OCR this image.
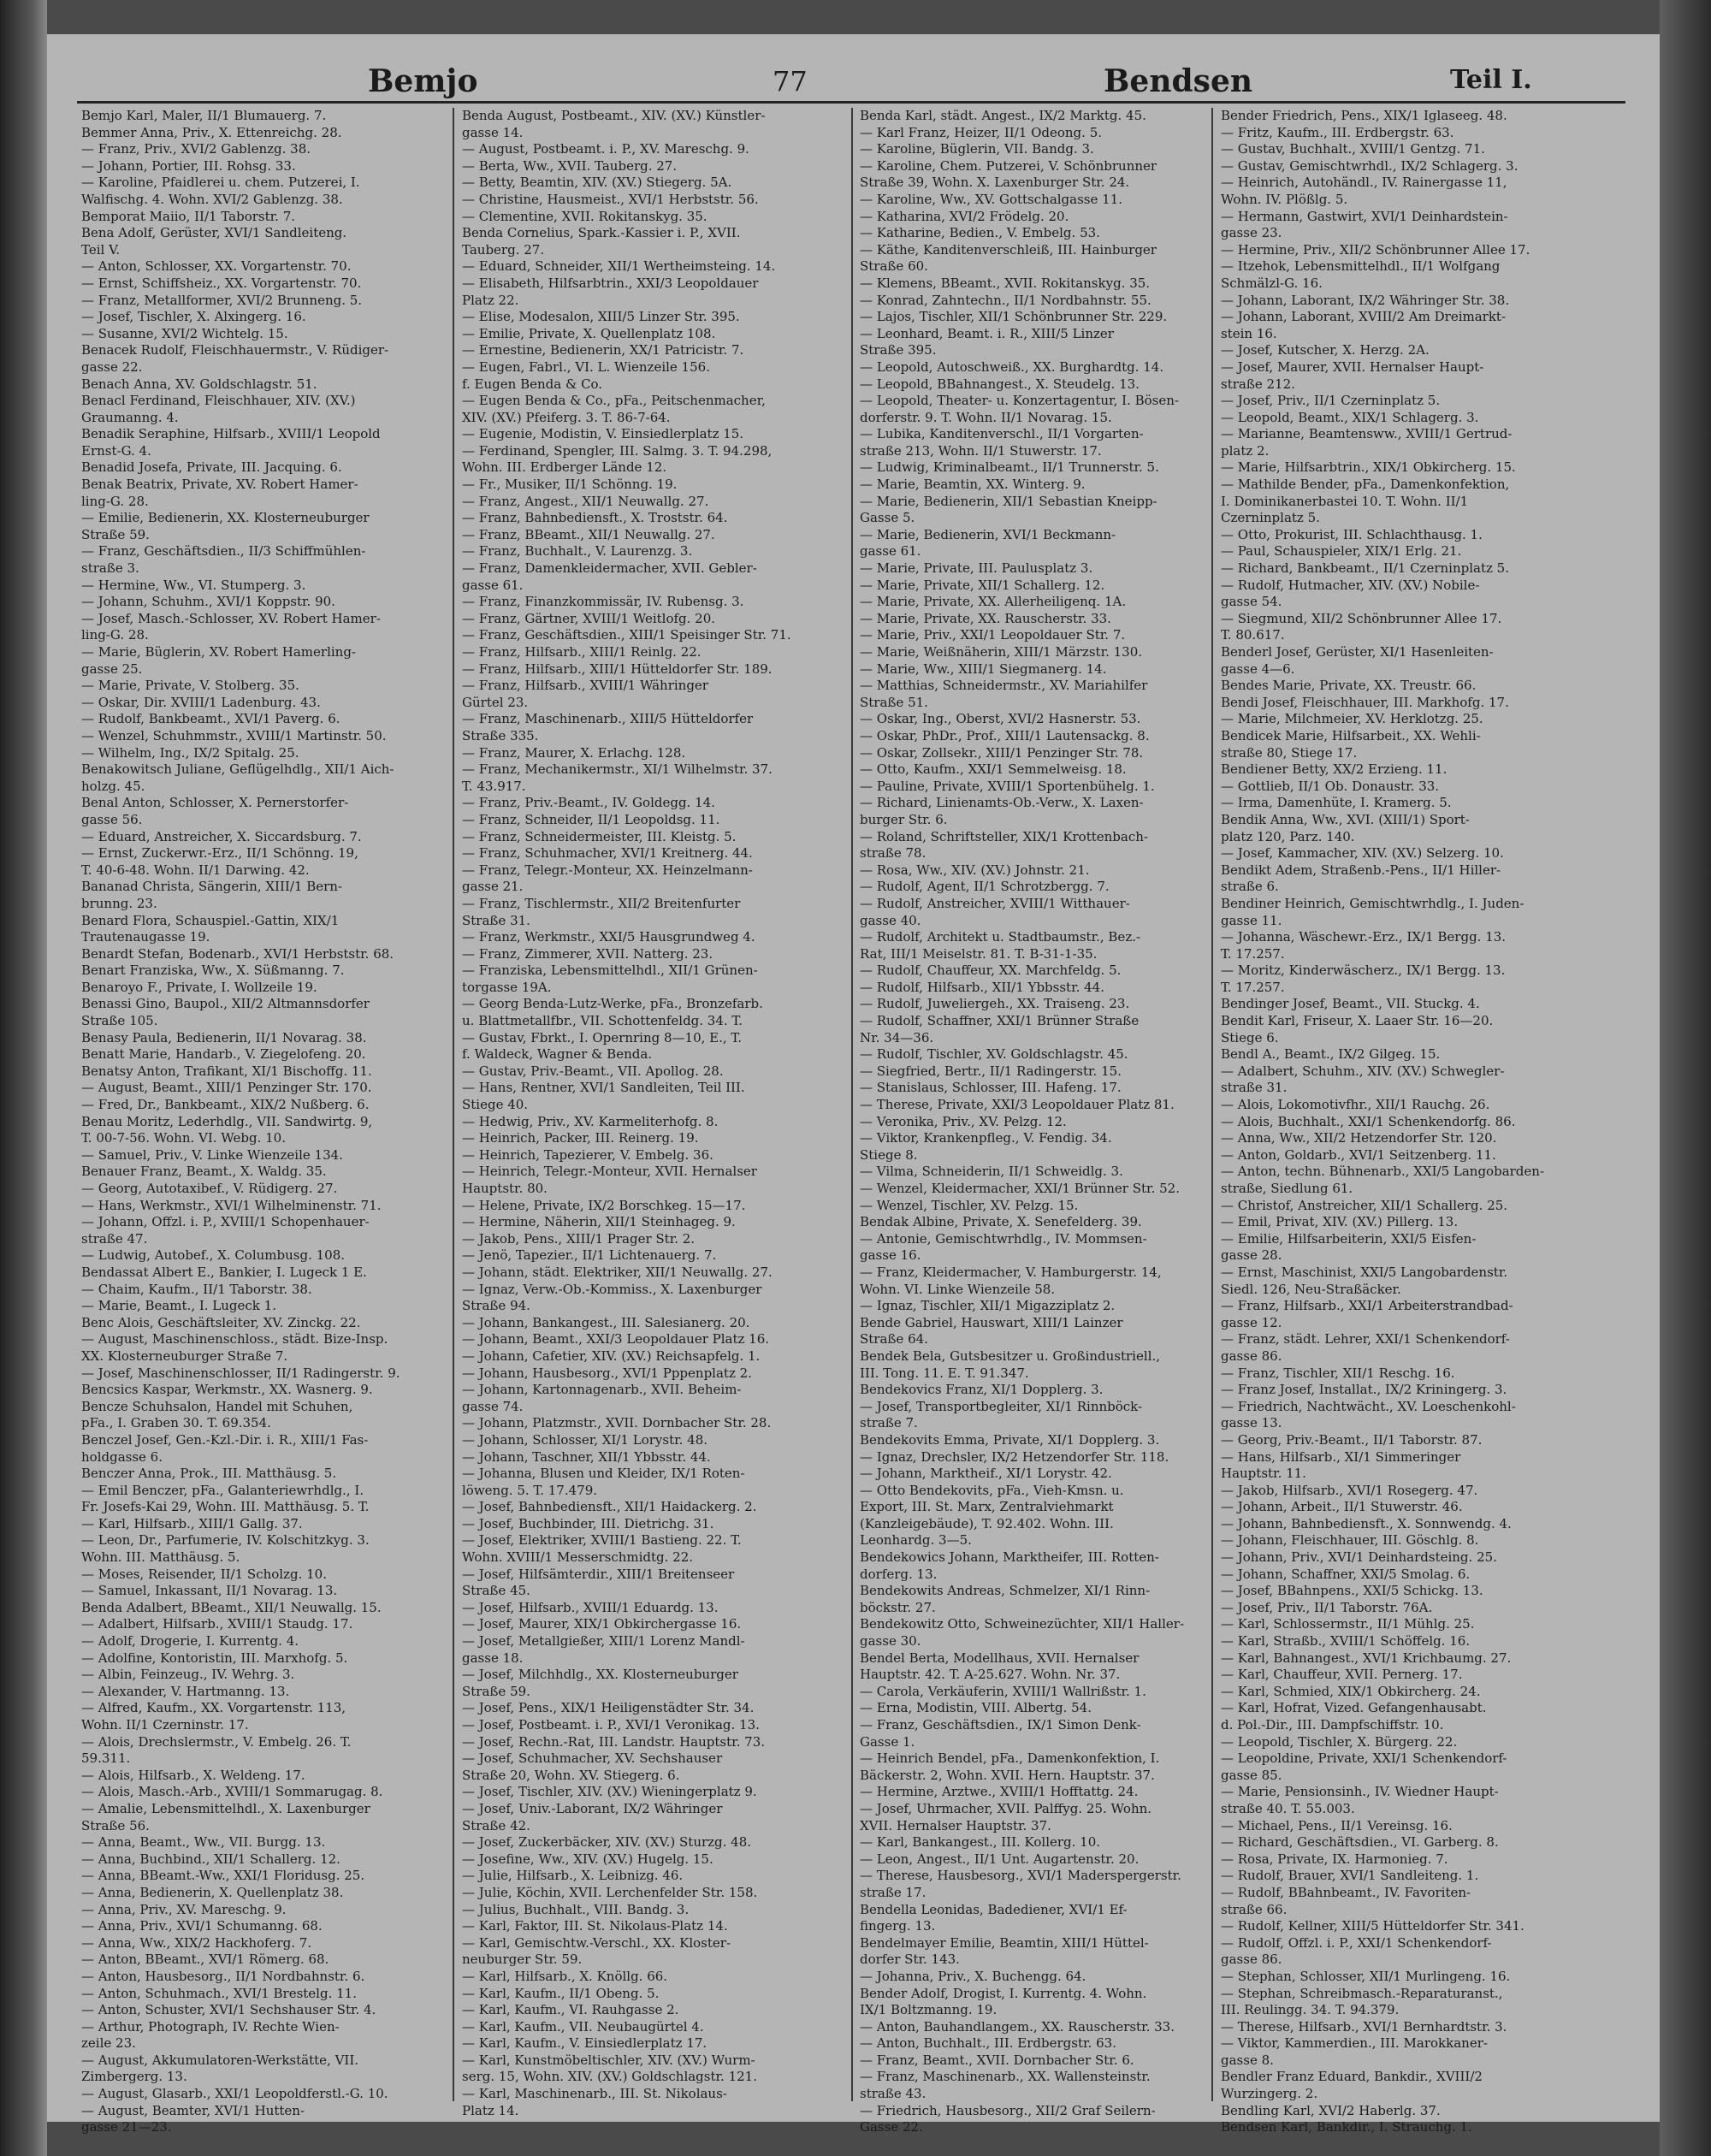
Bemjo	77	Bendsen	Teil I.
Bemjo Karl, Maler, II/1 Blumauerg. 7.
Bemmer Anna, Priv., X. Ettenreichg. 28.
— Franz, Priv., XVI/2 Gablenzg. 38.
— Johann, Portier, III. Rohsg. 33.
— Karoline, Pfaidlerei u. chem. Putzerei, I.
Walfischg. 4. Wohn. XVI/2 Gablenzg. 38.
Bemporat Maiio, II/1 Taborstr. 7.
Bena Adolf, Gerüster, XVI/1 Sandleiteng.
Teil V.
— Anton, Schlosser, XX. Vorgartenstr. 70.
— Ernst, Schiffsheiz., XX. Vorgartenstr. 70.
— Franz, Metallformer, XVI/2 Brunneng. 5.
— Josef, Tischler, X. Alxingerg. 16.
— Susanne, XVI/2 Wichtelg. 15.
Benacek Rudolf, Fleischhauermstr., V. Rüdiger-
gasse 22.
Benach Anna, XV. Goldschlagstr. 51.
Benacl Ferdinand, Fleischhauer, XIV. (XV.)
Graumanng. 4.
Benadik Seraphine, Hilfsarb., XVIII/1 Leopold
Ernst-G. 4.
Benadid Josefa, Private, III. Jacquing. 6.
Benak Beatrix, Private, XV. Robert Hamer-
ling-G. 28.
— Emilie, Bedienerin, XX. Klosterneuburger
Straße 59.
— Franz, Geschäftsdien., II/3 Schiffmühlen-
straße 3.
— Hermine, Ww., VI. Stumperg. 3.
— Johann, Schuhm., XVI/1 Koppstr. 90.
— Josef, Masch.-Schlosser, XV. Robert Hamer-
ling-G. 28.
— Marie, Büglerin, XV. Robert Hamerling-
gasse 25.
— Marie, Private, V. Stolberg. 35.
— Oskar, Dir. XVIII/1 Ladenburg. 43.
— Rudolf, Bankbeamt., XVI/1 Paverg. 6.
— Wenzel, Schuhmmstr., XVIII/1 Martinstr. 50.
— Wilhelm, Ing., IX/2 Spitalg. 25.
Benakowitsch Juliane, Geflügelhdlg., XII/1 Aich-
holzg. 45.
Benal Anton, Schlosser, X. Pernerstorfer-
gasse 56.
— Eduard, Anstreicher, X. Siccardsburg. 7.
— Ernst, Zuckerwr.-Erz., II/1 Schönng. 19,
T. 40-6-48. Wohn. II/1 Darwing. 42.
Bananad Christa, Sängerin, XIII/1 Bern-
brunng. 23.
Benard Flora, Schauspiel.-Gattin, XIX/1
Trautenaugasse 19.
Benardt Stefan, Bodenarb., XVI/1 Herbststr. 68.
Benart Franziska, Ww., X. Süßmanng. 7.
Benaroyo F., Private, I. Wollzeile 19.
Benassi Gino, Baupol., XII/2 Altmannsdorfer
Straße 105.
Benasy Paula, Bedienerin, II/1 Novarag. 38.
Benatt Marie, Handarb., V. Ziegelofeng. 20.
Benatsy Anton, Trafikant, XI/1 Bischoffg. 11.
— August, Beamt., XIII/1 Penzinger Str. 170.
— Fred, Dr., Bankbeamt., XIX/2 Nußberg. 6.
Benau Moritz, Lederhdlg., VII. Sandwirtg. 9,
T. 00-7-56. Wohn. VI. Webg. 10.
— Samuel, Priv., V. Linke Wienzeile 134.
Benauer Franz, Beamt., X. Waldg. 35.
— Georg, Autotaxibef., V. Rüdigerg. 27.
— Hans, Werkmstr., XVI/1 Wilhelminenstr. 71.
— Johann, Offzl. i. P., XVIII/1 Schopenhauer-
straße 47.
— Ludwig, Autobef., X. Columbusg. 108.
Bendassat Albert E., Bankier, I. Lugeck 1 E.
— Chaim, Kaufm., II/1 Taborstr. 38.
— Marie, Beamt., I. Lugeck 1.
Benc Alois, Geschäftsleiter, XV. Zinckg. 22.
— August, Maschinenschloss., städt. Bize-Insp.
XX. Klosterneuburger Straße 7.
— Josef, Maschinenschlosser, II/1 Radingerstr. 9.
Bencsics Kaspar, Werkmstr., XX. Wasnerg. 9.
Bencze Schuhsalon, Handel mit Schuhen,
pFa., I. Graben 30. T. 69.354.
Benczel Josef, Gen.-Kzl.-Dir. i. R., XIII/1 Fas-
holdgasse 6.
Benczer Anna, Prok., III. Matthäusg. 5.
— Emil Benczer, pFa., Galanteriewrhdlg., I.
Fr. Josefs-Kai 29, Wohn. III. Matthäusg. 5. T.
— Karl, Hilfsarb., XIII/1 Gallg. 37.
— Leon, Dr., Parfumerie, IV. Kolschitzkyg. 3.
Wohn. III. Matthäusg. 5.
— Moses, Reisender, II/1 Scholzg. 10.
— Samuel, Inkassant, II/1 Novarag. 13.
Benda Adalbert, BBeamt., XII/1 Neuwallg. 15.
— Adalbert, Hilfsarb., XVIII/1 Staudg. 17.
— Adolf, Drogerie, I. Kurrentg. 4.
— Adolfine, Kontoristin, III. Marxhofg. 5.
— Albin, Feinzeug., IV. Wehrg. 3.
— Alexander, V. Hartmanng. 13.
— Alfred, Kaufm., XX. Vorgartenstr. 113,
Wohn. II/1 Czerninstr. 17.
— Alois, Drechslermstr., V. Embelg. 26. T.
59.311.
— Alois, Hilfsarb., X. Weldeng. 17.
— Alois, Masch.-Arb., XVIII/1 Sommarugag. 8.
— Amalie, Lebensmittelhdl., X. Laxenburger
Straße 56.
— Anna, Beamt., Ww., VII. Burgg. 13.
— Anna, Buchbind., XII/1 Schallerg. 12.
— Anna, BBeamt.-Ww., XXI/1 Floridusg. 25.
— Anna, Bedienerin, X. Quellenplatz 38.
— Anna, Priv., XV. Mareschg. 9.
— Anna, Priv., XVI/1 Schumanng. 68.
— Anna, Ww., XIX/2 Hackhoferg. 7.
— Anton, BBeamt., XVI/1 Römerg. 68.
— Anton, Hausbesorg., II/1 Nordbahnstr. 6.
— Anton, Schuhmach., XVI/1 Brestelg. 11.
— Anton, Schuster, XVI/1 Sechshauser Str. 4.
— Arthur, Photograph, IV. Rechte Wien-
zeile 23.
— August, Akkumulatoren-Werkstätte, VII.
Zimbergerg. 13.
— August, Glasarb., XXI/1 Leopoldferstl.-G. 10.
— August, Beamter, XVI/1 Hutten-
gasse 21—23.
Benda August, Postbeamt., XIV. (XV.) Künstler-
gasse 14.
— August, Postbeamt. i. P., XV. Mareschg. 9.
— Berta, Ww., XVII. Tauberg. 27.
— Betty, Beamtin, XIV. (XV.) Stiegerg. 5A.
— Christine, Hausmeist., XVI/1 Herbststr. 56.
— Clementine, XVII. Rokitanskyg. 35.
Benda Cornelius, Spark.-Kassier i. P., XVII.
Tauberg. 27.
— Eduard, Schneider, XII/1 Wertheimsteing. 14.
— Elisabeth, Hilfsarbtrin., XXI/3 Leopoldauer
Platz 22.
— Elise, Modesalon, XIII/5 Linzer Str. 395.
— Emilie, Private, X. Quellenplatz 108.
— Ernestine, Bedienerin, XX/1 Patricistr. 7.
— Eugen, Fabrl., VI. L. Wienzeile 156.
f. Eugen Benda & Co.
— Eugen Benda & Co., pFa., Peitschenmacher,
XIV. (XV.) Pfeiferg. 3. T. 86-7-64.
— Eugenie, Modistin, V. Einsiedlerplatz 15.
— Ferdinand, Spengler, III. Salmg. 3. T. 94.298,
Wohn. III. Erdberger Lände 12.
— Fr., Musiker, II/1 Schönng. 19.
— Franz, Angest., XII/1 Neuwallg. 27.
— Franz, Bahnbediensft., X. Troststr. 64.
— Franz, BBeamt., XII/1 Neuwallg. 27.
— Franz, Buchhalt., V. Laurenzg. 3.
— Franz, Damenkleidermacher, XVII. Gebler-
gasse 61.
— Franz, Finanzkommissär, IV. Rubensg. 3.
— Franz, Gärtner, XVIII/1 Weitlofg. 20.
— Franz, Geschäftsdien., XIII/1 Speisinger Str. 71.
— Franz, Hilfsarb., XIII/1 Reinlg. 22.
— Franz, Hilfsarb., XIII/1 Hütteldorfer Str. 189.
— Franz, Hilfsarb., XVIII/1 Währinger
Gürtel 23.
— Franz, Maschinenarb., XIII/5 Hütteldorfer
Straße 335.
— Franz, Maurer, X. Erlachg. 128.
— Franz, Mechanikermstr., XI/1 Wilhelmstr. 37.
T. 43.917.
— Franz, Priv.-Beamt., IV. Goldegg. 14.
— Franz, Schneider, II/1 Leopoldsg. 11.
— Franz, Schneidermeister, III. Kleistg. 5.
— Franz, Schuhmacher, XVI/1 Kreitnerg. 44.
— Franz, Telegr.-Monteur, XX. Heinzelmann-
gasse 21.
— Franz, Tischlermstr., XII/2 Breitenfurter
Straße 31.
— Franz, Werkmstr., XXI/5 Hausgrundweg 4.
— Franz, Zimmerer, XVII. Natterg. 23.
— Franziska, Lebensmittelhdl., XII/1 Grünen-
torgasse 19A.
— Georg Benda-Lutz-Werke, pFa., Bronzefarb.
u. Blattmetallfbr., VII. Schottenfeldg. 34. T.
— Gustav, Fbrkt., I. Opernring 8—10, E., T.
f. Waldeck, Wagner & Benda.
— Gustav, Priv.-Beamt., VII. Apollog. 28.
— Hans, Rentner, XVI/1 Sandleiten, Teil III.
Stiege 40.
— Hedwig, Priv., XV. Karmeliterhofg. 8.
— Heinrich, Packer, III. Reinerg. 19.
— Heinrich, Tapezierer, V. Embelg. 36.
— Heinrich, Telegr.-Monteur, XVII. Hernalser
Hauptstr. 80.
— Helene, Private, IX/2 Borschkeg. 15—17.
— Hermine, Näherin, XII/1 Steinhageg. 9.
— Jakob, Pens., XIII/1 Prager Str. 2.
— Jenö, Tapezier., II/1 Lichtenauerg. 7.
— Johann, städt. Elektriker, XII/1 Neuwallg. 27.
— Ignaz, Verw.-Ob.-Kommiss., X. Laxenburger
Straße 94.
— Johann, Bankangest., III. Salesianerg. 20.
— Johann, Beamt., XXI/3 Leopoldauer Platz 16.
— Johann, Cafetier, XIV. (XV.) Reichsapfelg. 1.
— Johann, Hausbesorg., XVI/1 Pppenplatz 2.
— Johann, Kartonnagenarb., XVII. Beheim-
gasse 74.
— Johann, Platzmstr., XVII. Dornbacher Str. 28.
— Johann, Schlosser, XI/1 Lorystr. 48.
— Johann, Taschner, XII/1 Ybbsstr. 44.
— Johanna, Blusen und Kleider, IX/1 Roten-
löweng. 5. T. 17.479.
— Josef, Bahnbediensft., XII/1 Haidackerg. 2.
— Josef, Buchbinder, III. Dietrichg. 31.
— Josef, Elektriker, XVIII/1 Bastieng. 22. T.
Wohn. XVIII/1 Messerschmidtg. 22.
— Josef, Hilfsämterdir., XIII/1 Breitenseer
Straße 45.
— Josef, Hilfsarb., XVIII/1 Eduardg. 13.
— Josef, Maurer, XIX/1 Obkirchergasse 16.
— Josef, Metallgießer, XIII/1 Lorenz Mandl-
gasse 18.
— Josef, Milchhdlg., XX. Klosterneuburger
Straße 59.
— Josef, Pens., XIX/1 Heiligenstädter Str. 34.
— Josef, Postbeamt. i. P., XVI/1 Veronikag. 13.
— Josef, Rechn.-Rat, III. Landstr. Hauptstr. 73.
— Josef, Schuhmacher, XV. Sechshauser
Straße 20, Wohn. XV. Stiegerg. 6.
— Josef, Tischler, XIV. (XV.) Wieningerplatz 9.
— Josef, Univ.-Laborant, IX/2 Währinger
Straße 42.
— Josef, Zuckerbäcker, XIV. (XV.) Sturzg. 48.
— Josefine, Ww., XIV. (XV.) Hugelg. 15.
— Julie, Hilfsarb., X. Leibnizg. 46.
— Julie, Köchin, XVII. Lerchenfelder Str. 158.
— Julius, Buchhalt., VIII. Bandg. 3.
— Karl, Faktor, III. St. Nikolaus-Platz 14.
— Karl, Gemischtw.-Verschl., XX. Kloster-
neuburger Str. 59.
— Karl, Hilfsarb., X. Knöllg. 66.
— Karl, Kaufm., II/1 Obeng. 5.
— Karl, Kaufm., VI. Rauhgasse 2.
— Karl, Kaufm., VII. Neubaugürtel 4.
— Karl, Kaufm., V. Einsiedlerplatz 17.
— Karl, Kunstmöbeltischler, XIV. (XV.) Wurm-
serg. 15, Wohn. XIV. (XV.) Goldschlagstr. 121.
— Karl, Maschinenarb., III. St. Nikolaus-
Platz 14.
Benda Karl, städt. Angest., IX/2 Marktg. 45.
— Karl Franz, Heizer, II/1 Odeong. 5.
— Karoline, Büglerin, VII. Bandg. 3.
— Karoline, Chem. Putzerei, V. Schönbrunner
Straße 39, Wohn. X. Laxenburger Str. 24.
— Karoline, Ww., XV. Gottschalgasse 11.
— Katharina, XVI/2 Frödelg. 20.
— Katharine, Bedien., V. Embelg. 53.
— Käthe, Kanditenverschleiß, III. Hainburger
Straße 60.
— Klemens, BBeamt., XVII. Rokitanskyg. 35.
— Konrad, Zahntechn., II/1 Nordbahnstr. 55.
— Lajos, Tischler, XII/1 Schönbrunner Str. 229.
— Leonhard, Beamt. i. R., XIII/5 Linzer
Straße 395.
— Leopold, Autoschweiß., XX. Burghardtg. 14.
— Leopold, BBahnangest., X. Steudelg. 13.
— Leopold, Theater- u. Konzertagentur, I. Bösen-
dorferstr. 9. T. Wohn. II/1 Novarag. 15.
— Lubika, Kanditenverschl., II/1 Vorgarten-
straße 213, Wohn. II/1 Stuwerstr. 17.
— Ludwig, Kriminalbeamt., II/1 Trunnerstr. 5.
— Marie, Beamtin, XX. Winterg. 9.
— Marie, Bedienerin, XII/1 Sebastian Kneipp-
Gasse 5.
— Marie, Bedienerin, XVI/1 Beckmann-
gasse 61.
— Marie, Private, III. Paulusplatz 3.
— Marie, Private, XII/1 Schallerg. 12.
— Marie, Private, XX. Allerheiligenq. 1A.
— Marie, Private, XX. Rauscherstr. 33.
— Marie, Priv., XXI/1 Leopoldauer Str. 7.
— Marie, Weißnäherin, XIII/1 Märzstr. 130.
— Marie, Ww., XIII/1 Siegmanerg. 14.
— Matthias, Schneidermstr., XV. Mariahilfer
Straße 51.
— Oskar, Ing., Oberst, XVI/2 Hasnerstr. 53.
— Oskar, PhDr., Prof., XIII/1 Lautensackg. 8.
— Oskar, Zollsekr., XIII/1 Penzinger Str. 78.
— Otto, Kaufm., XXI/1 Semmelweisg. 18.
— Pauline, Private, XVIII/1 Sportenbühelg. 1.
— Richard, Linienamts-Ob.-Verw., X. Laxen-
burger Str. 6.
— Roland, Schriftsteller, XIX/1 Krottenbach-
straße 78.
— Rosa, Ww., XIV. (XV.) Johnstr. 21.
— Rudolf, Agent, II/1 Schrotzbergg. 7.
— Rudolf, Anstreicher, XVIII/1 Witthauer-
gasse 40.
— Rudolf, Architekt u. Stadtbaumstr., Bez.-
Rat, III/1 Meiselstr. 81. T. B-31-1-35.
— Rudolf, Chauffeur, XX. Marchfeldg. 5.
— Rudolf, Hilfsarb., XII/1 Ybbsstr. 44.
— Rudolf, Juweliergeh., XX. Traiseng. 23.
— Rudolf, Schaffner, XXI/1 Brünner Straße
Nr. 34—36.
— Rudolf, Tischler, XV. Goldschlagstr. 45.
— Siegfried, Bertr., II/1 Radingerstr. 15.
— Stanislaus, Schlosser, III. Hafeng. 17.
— Therese, Private, XXI/3 Leopoldauer Platz 81.
— Veronika, Priv., XV. Pelzg. 12.
— Viktor, Krankenpfleg., V. Fendig. 34.
Stiege 8.
— Vilma, Schneiderin, II/1 Schweidlg. 3.
— Wenzel, Kleidermacher, XXI/1 Brünner Str. 52.
— Wenzel, Tischler, XV. Pelzg. 15.
Bendak Albine, Private, X. Senefelderg. 39.
— Antonie, Gemischtwrhdlg., IV. Mommsen-
gasse 16.
— Franz, Kleidermacher, V. Hamburgerstr. 14,
Wohn. VI. Linke Wienzeile 58.
— Ignaz, Tischler, XII/1 Migazziplatz 2.
Bende Gabriel, Hauswart, XIII/1 Lainzer
Straße 64.
Bendek Bela, Gutsbesitzer u. Großindustriell.,
III. Tong. 11. E. T. 91.347.
Bendekovics Franz, XI/1 Dopplerg. 3.
— Josef, Transportbegleiter, XI/1 Rinnböck-
straße 7.
Bendekovits Emma, Private, XI/1 Dopplerg. 3.
— Ignaz, Drechsler, IX/2 Hetzendorfer Str. 118.
— Johann, Marktheif., XI/1 Lorystr. 42.
— Otto Bendekovits, pFa., Vieh-Kmsn. u.
Export, III. St. Marx, Zentralviehmarkt
(Kanzleigebäude), T. 92.402. Wohn. III.
Leonhardg. 3—5.
Bendekowics Johann, Marktheifer, III. Rotten-
dorferg. 13.
Bendekowits Andreas, Schmelzer, XI/1 Rinn-
böckstr. 27.
Bendekowitz Otto, Schweinezüchter, XII/1 Haller-
gasse 30.
Bendel Berta, Modellhaus, XVII. Hernalser
Hauptstr. 42. T. A-25.627. Wohn. Nr. 37.
— Carola, Verkäuferin, XVIII/1 Wallrißstr. 1.
— Erna, Modistin, VIII. Albertg. 54.
— Franz, Geschäftsdien., IX/1 Simon Denk-
Gasse 1.
— Heinrich Bendel, pFa., Damenkonfektion, I.
Bäckerstr. 2, Wohn. XVII. Hern. Hauptstr. 37.
— Hermine, Arztwe., XVIII/1 Hofftattg. 24.
— Josef, Uhrmacher, XVII. Palffyg. 25. Wohn.
XVII. Hernalser Hauptstr. 37.
— Karl, Bankangest., III. Kollerg. 10.
— Leon, Angest., II/1 Unt. Augartenstr. 20.
— Therese, Hausbesorg., XVI/1 Maderspergerstr.
straße 17.
Bendella Leonidas, Badediener, XVI/1 Ef-
fingerg. 13.
Bendelmayer Emilie, Beamtin, XIII/1 Hüttel-
dorfer Str. 143.
— Johanna, Priv., X. Buchengg. 64.
Bender Adolf, Drogist, I. Kurrentg. 4. Wohn.
IX/1 Boltzmanng. 19.
— Anton, Bauhandlangem., XX. Rauscherstr. 33.
— Anton, Buchhalt., III. Erdbergstr. 63.
— Franz, Beamt., XVII. Dornbacher Str. 6.
— Franz, Maschinenarb., XX. Wallensteinstr.
straße 43.
— Friedrich, Hausbesorg., XII/2 Graf Seilern-
Gasse 22.
Bender Friedrich, Pens., XIX/1 Iglaseeg. 48.
— Fritz, Kaufm., III. Erdbergstr. 63.
— Gustav, Buchhalt., XVIII/1 Gentzg. 71.
— Gustav, Gemischtwrhdl., IX/2 Schlagerg. 3.
— Heinrich, Autohändl., IV. Rainergasse 11,
Wohn. IV. Plößlg. 5.
— Hermann, Gastwirt, XVI/1 Deinhardstein-
gasse 23.
— Hermine, Priv., XII/2 Schönbrunner Allee 17.
— Itzehok, Lebensmittelhdl., II/1 Wolfgang
Schmälzl-G. 16.
— Johann, Laborant, IX/2 Währinger Str. 38.
— Johann, Laborant, XVIII/2 Am Dreimarkt-
stein 16.
— Josef, Kutscher, X. Herzg. 2A.
— Josef, Maurer, XVII. Hernalser Haupt-
straße 212.
— Josef, Priv., II/1 Czerninplatz 5.
— Leopold, Beamt., XIX/1 Schlagerg. 3.
— Marianne, Beamtensww., XVIII/1 Gertrud-
platz 2.
— Marie, Hilfsarbtrin., XIX/1 Obkircherg. 15.
— Mathilde Bender, pFa., Damenkonfektion,
I. Dominikanerbastei 10. T. Wohn. II/1
Czerninplatz 5.
— Otto, Prokurist, III. Schlachthausg. 1.
— Paul, Schauspieler, XIX/1 Erlg. 21.
— Richard, Bankbeamt., II/1 Czerninplatz 5.
— Rudolf, Hutmacher, XIV. (XV.) Nobile-
gasse 54.
— Siegmund, XII/2 Schönbrunner Allee 17.
T. 80.617.
Benderl Josef, Gerüster, XI/1 Hasenleiten-
gasse 4—6.
Bendes Marie, Private, XX. Treustr. 66.
Bendi Josef, Fleischhauer, III. Markhofg. 17.
— Marie, Milchmeier, XV. Herklotzg. 25.
Bendicek Marie, Hilfsarbeit., XX. Wehli-
straße 80, Stiege 17.
Bendiener Betty, XX/2 Erzieng. 11.
— Gottlieb, II/1 Ob. Donaustr. 33.
— Irma, Damenhüte, I. Kramerg. 5.
Bendik Anna, Ww., XVI. (XIII/1) Sport-
platz 120, Parz. 140.
— Josef, Kammacher, XIV. (XV.) Selzerg. 10.
Bendikt Adem, Straßenb.-Pens., II/1 Hiller-
straße 6.
Bendiner Heinrich, Gemischtwrhdlg., I. Juden-
gasse 11.
— Johanna, Wäschewr.-Erz., IX/1 Bergg. 13.
T. 17.257.
— Moritz, Kinderwäscherz., IX/1 Bergg. 13.
T. 17.257.
Bendinger Josef, Beamt., VII. Stuckg. 4.
Bendit Karl, Friseur, X. Laaer Str. 16—20.
Stiege 6.
Bendl A., Beamt., IX/2 Gilgeg. 15.
— Adalbert, Schuhm., XIV. (XV.) Schwegler-
straße 31.
— Alois, Lokomotivfhr., XII/1 Rauchg. 26.
— Alois, Buchhalt., XXI/1 Schenkendorfg. 86.
— Anna, Ww., XII/2 Hetzendorfer Str. 120.
— Anton, Goldarb., XVI/1 Seitzenberg. 11.
— Anton, techn. Bühnenarb., XXI/5 Langobarden-
straße, Siedlung 61.
— Christof, Anstreicher, XII/1 Schallerg. 25.
— Emil, Privat, XIV. (XV.) Pillerg. 13.
— Emilie, Hilfsarbeiterin, XXI/5 Eisfen-
gasse 28.
— Ernst, Maschinist, XXI/5 Langobardenstr.
Siedl. 126, Neu-Straßäcker.
— Franz, Hilfsarb., XXI/1 Arbeiterstrandbad-
gasse 12.
— Franz, städt. Lehrer, XXI/1 Schenkendorf-
gasse 86.
— Franz, Tischler, XII/1 Reschg. 16.
— Franz Josef, Installat., IX/2 Kriningerg. 3.
— Friedrich, Nachtwächt., XV. Loeschenkohl-
gasse 13.
— Georg, Priv.-Beamt., II/1 Taborstr. 87.
— Hans, Hilfsarb., XI/1 Simmeringer
Hauptstr. 11.
— Jakob, Hilfsarb., XVI/1 Rosegerg. 47.
— Johann, Arbeit., II/1 Stuwerstr. 46.
— Johann, Bahnbediensft., X. Sonnwendg. 4.
— Johann, Fleischhauer, III. Göschlg. 8.
— Johann, Priv., XVI/1 Deinhardsteing. 25.
— Johann, Schaffner, XXI/5 Smolag. 6.
— Josef, BBahnpens., XXI/5 Schickg. 13.
— Josef, Priv., II/1 Taborstr. 76A.
— Karl, Schlossermstr., II/1 Mühlg. 25.
— Karl, Straßb., XVIII/1 Schöffelg. 16.
— Karl, Bahnangest., XVI/1 Krichbaumg. 27.
— Karl, Chauffeur, XVII. Pernerg. 17.
— Karl, Schmied, XIX/1 Obkircherg. 24.
— Karl, Hofrat, Vized. Gefangenhausabt.
d. Pol.-Dir., III. Dampfschiffstr. 10.
— Leopold, Tischler, X. Bürgerg. 22.
— Leopoldine, Private, XXI/1 Schenkendorf-
gasse 85.
— Marie, Pensionsinh., IV. Wiedner Haupt-
straße 40. T. 55.003.
— Michael, Pens., II/1 Vereinsg. 16.
— Richard, Geschäftsdien., VI. Garberg. 8.
— Rosa, Private, IX. Harmonieg. 7.
— Rudolf, Brauer, XVI/1 Sandleiteng. 1.
— Rudolf, BBahnbeamt., IV. Favoriten-
straße 66.
— Rudolf, Kellner, XIII/5 Hütteldorfer Str. 341.
— Rudolf, Offzl. i. P., XXI/1 Schenkendorf-
gasse 86.
— Stephan, Schlosser, XII/1 Murlingeng. 16.
— Stephan, Schreibmasch.-Reparaturanst.,
III. Reulingg. 34. T. 94.379.
— Therese, Hilfsarb., XVI/1 Bernhardtstr. 3.
— Viktor, Kammerdien., III. Marokkaner-
gasse 8.
Bendler Franz Eduard, Bankdir., XVIII/2
Wurzingerg. 2.
Bendling Karl, XVI/2 Haberlg. 37.
Bendsen Karl, Bankdir., I. Strauchg. 1.
